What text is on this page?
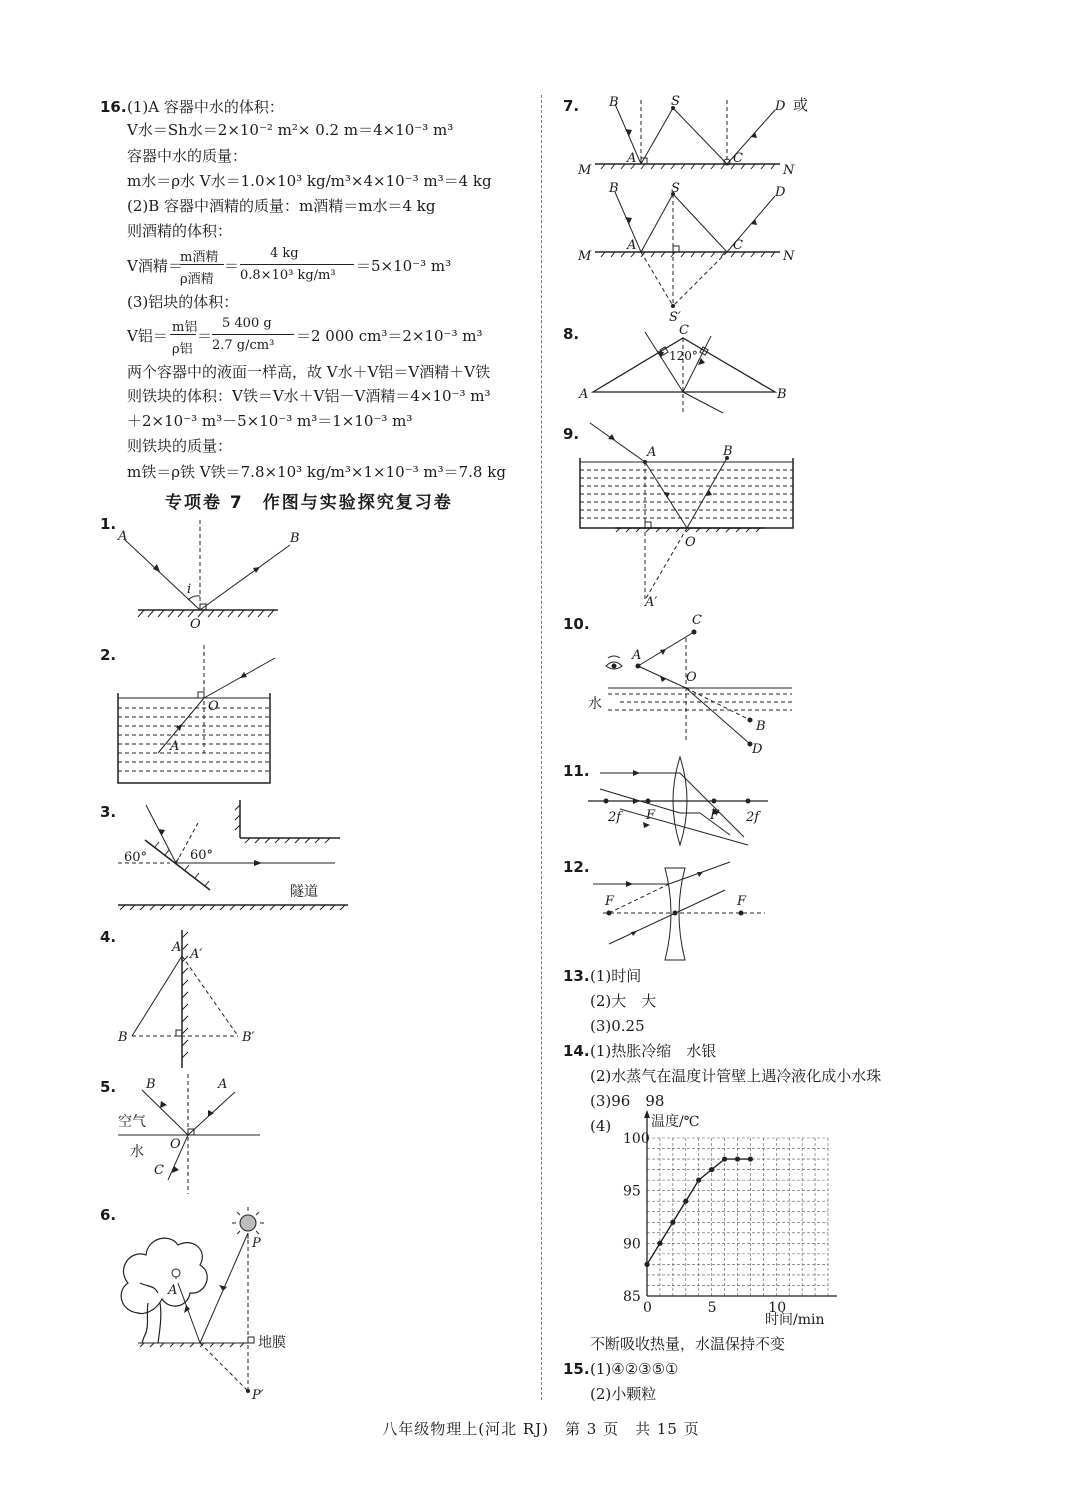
16. (1)A 容器中水的体积：
V水＝Sh水＝2×10⁻² m²× 0.2 m＝4×10⁻³ m³
容器中水的质量：
m水＝ρ水 V水＝1.0×10³ kg/m³×4×10⁻³ m³＝4 kg
(2)B 容器中酒精的质量：m酒精＝m水＝4 kg
则酒精的体积：
V酒精＝
m酒精
ρ酒精
＝
4 kg
0.8×10³ kg/m³
＝5×10⁻³ m³
(3)铝块的体积：
V铝＝ m铝
ρ铝
＝
5 400 g
2.7 g/cm³
＝2 000 cm³＝2×10⁻³ m³
两个容器中的液面一样高，故 V水＋V铝＝V酒精＋V铁
则铁块的体积：V铁＝V水＋V铝－V酒精＝4×10⁻³ m³
＋2×10⁻³ m³－5×10⁻³ m³＝1×10⁻³ m³
则铁块的质量：
m铁＝ρ铁 V铁＝7.8×10³ kg/m³×1×10⁻³ m³＝7.8 kg
专项卷 7　作图与实验探究复习卷
1.
A	B
i
O
2.
O
A
3.
60°	60°
隧道
4.
A A′
B	B′
5. B	A
空气
水 O
C
6.
A
P
P′
地膜
7. B	S	D 或
A	C
M	N
B	S	D
A	C
M	N
S′
8.	C
120°
A	B
9.
A	B
O
A′
10.	C
A
O
水
B
D
11.
2f F	F 2f
12.
F	F
13. (1)时间
(2)大　大
(3)0.25
14. (1)热胀冷缩　水银
(2)水蒸气在温度计管壁上遇冷液化成小水珠
(3)96　98
(4)
85
90
95
100
0	5	10
温度/℃
时间/min
不断吸收热量，水温保持不变
15. (1)④②③⑤①
(2)小颗粒
八年级物理上(河北 RJ)　第 3 页　共 15 页
